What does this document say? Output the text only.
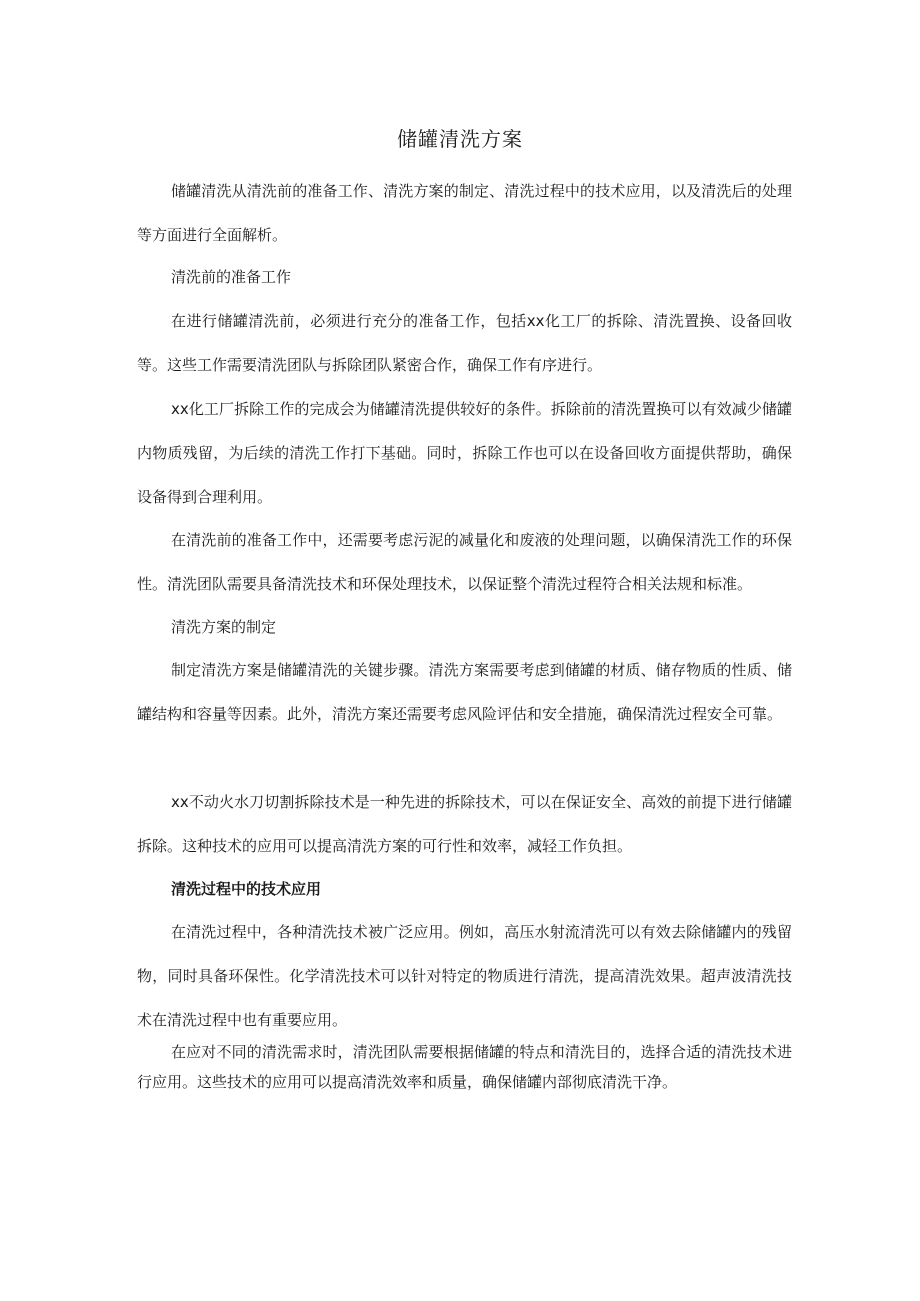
储罐清洗方案

储罐清洗从清洗前的准备工作、清洗方案的制定、清洗过程中的技术应用，以及清洗后的处理等方面进行全面解析。

清洗前的准备工作

在进行储罐清洗前，必须进行充分的准备工作，包括xx化工厂的拆除、清洗置换、设备回收等。这些工作需要清洗团队与拆除团队紧密合作，确保工作有序进行。

xx化工厂拆除工作的完成会为储罐清洗提供较好的条件。拆除前的清洗置换可以有效减少储罐内物质残留，为后续的清洗工作打下基础。同时，拆除工作也可以在设备回收方面提供帮助，确保设备得到合理利用。

在清洗前的准备工作中，还需要考虑污泥的减量化和废液的处理问题，以确保清洗工作的环保性。清洗团队需要具备清洗技术和环保处理技术，以保证整个清洗过程符合相关法规和标准。

清洗方案的制定

制定清洗方案是储罐清洗的关键步骤。清洗方案需要考虑到储罐的材质、储存物质的性质、储罐结构和容量等因素。此外，清洗方案还需要考虑风险评估和安全措施，确保清洗过程安全可靠。

xx不动火水刀切割拆除技术是一种先进的拆除技术，可以在保证安全、高效的前提下进行储罐拆除。这种技术的应用可以提高清洗方案的可行性和效率，减轻工作负担。

清洗过程中的技术应用

在清洗过程中，各种清洗技术被广泛应用。例如，高压水射流清洗可以有效去除储罐内的残留物，同时具备环保性。化学清洗技术可以针对特定的物质进行清洗，提高清洗效果。超声波清洗技术在清洗过程中也有重要应用。

在应对不同的清洗需求时，清洗团队需要根据储罐的特点和清洗目的，选择合适的清洗技术进行应用。这些技术的应用可以提高清洗效率和质量，确保储罐内部彻底清洗干净。
